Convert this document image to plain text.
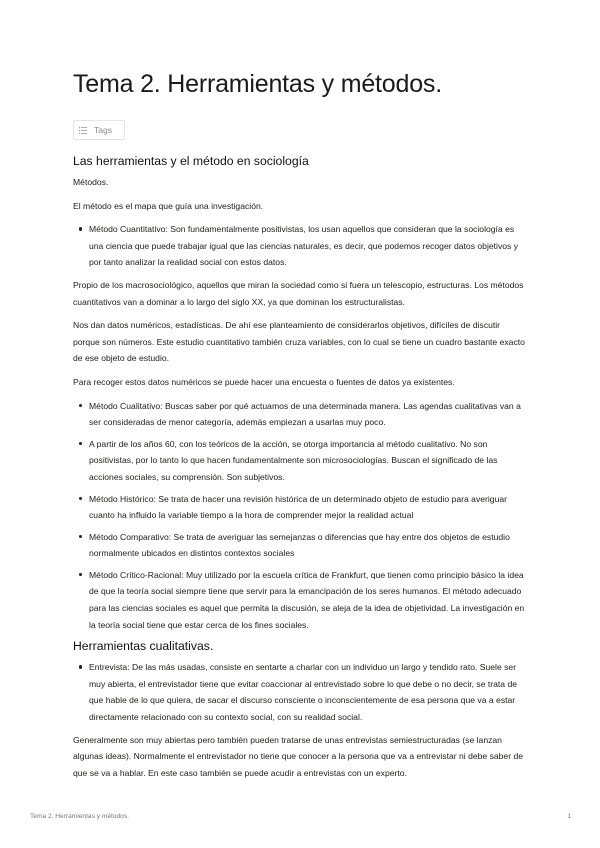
Tema 2. Herramientas y métodos.
Tags
Las herramientas y el método en sociología

Métodos.

El método es el mapa que guía una investigación.

Método Cuantitativo: Son fundamentalmente positivistas, los usan aquellos que consideran que la sociología es una ciencia que puede trabajar igual que las ciencias naturales, es decir, que podemos recoger datos objetivos y por tanto analizar la realidad social con estos datos.

Propio de los macrosociológico, aquellos que miran la sociedad como si fuera un telescopio, estructuras. Los métodos cuantitativos van a dominar a lo largo del siglo XX, ya que dominan los estructuralistas.

Nos dan datos numéricos, estadísticas. De ahí ese planteamiento de considerarlos objetivos, difíciles de discutir porque son números. Este estudio cuantitativo también cruza variables, con lo cual se tiene un cuadro bastante exacto de ese objeto de estudio.

Para recoger estos datos numéricos se puede hacer una encuesta o fuentes de datos ya existentes.

Método Cualitativo: Buscas saber por qué actuamos de una determinada manera. Las agendas cualitativas van a ser consideradas de menor categoría, además empiezan a usarlas muy poco.
A partir de los años 60, con los teóricos de la acción, se otorga importancia al método cualitativo. No son positivistas, por lo tanto lo que hacen fundamentalmente son microsociologías. Buscan el significado de las acciones sociales, su comprensión. Son subjetivos.
Método Histórico: Se trata de hacer una revisión histórica de un determinado objeto de estudio para averiguar cuanto ha influido la variable tiempo a la hora de comprender mejor la realidad actual
Método Comparativo: Se trata de averiguar las semejanzas o diferencias que hay entre dos objetos de estudio normalmente ubicados en distintos contextos sociales
Método Crítico-Racional: Muy utilizado por la escuela crítica de Frankfurt, que tienen como principio básico la idea de que la teoría social siempre tiene que servir para la emancipación de los seres humanos. El método adecuado para las ciencias sociales es aquel que permita la discusión, se aleja de la idea de objetividad. La investigación en la teoría social tiene que estar cerca de los fines sociales.
Herramientas cualitativas.
Entrevista: De las más usadas, consiste en sentarte a charlar con un individuo un largo y tendido rato. Suele ser muy abierta, el entrevistador tiene que evitar coaccionar al entrevistado sobre lo que debe o no decir, se trata de que hable de lo que quiera, de sacar el discurso consciente o inconscientemente de esa persona que va a estar directamente relacionado con su contexto social, con su realidad social.

Generalmente son muy abiertas pero también pueden tratarse de unas entrevistas semiestructuradas (se lanzan algunas ideas). Normalmente el entrevistador no tiene que conocer a la persona que va a entrevistar ni debe saber de que se va a hablar. En este caso también se puede acudir a entrevistas con un experto.

Tema 2. Herramientas y métodos.	1
